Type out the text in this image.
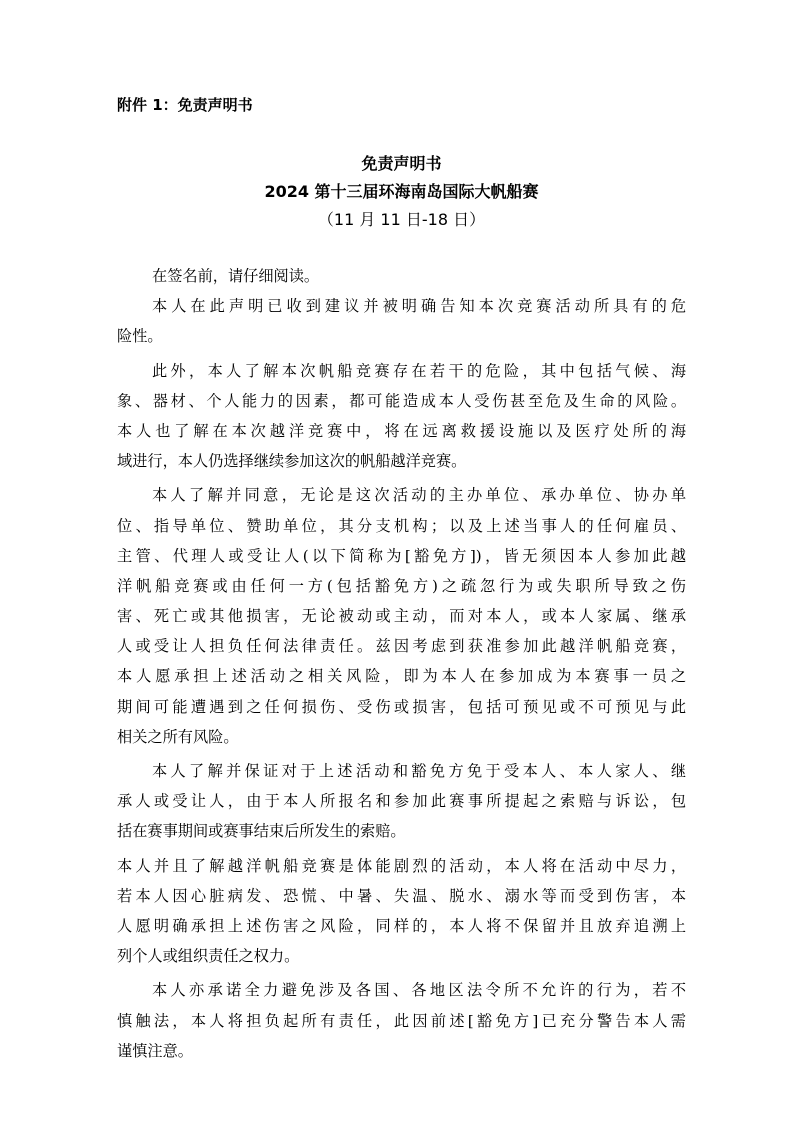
附件 1：免责声明书
免责声明书
2024 第十三届环海南岛国际大帆船赛
（11 月 11 日-18 日）
在签名前，请仔细阅读。
本人在此声明已收到建议并被明确告知本次竞赛活动所具有的危
险性。
此外，本人了解本次帆船竞赛存在若干的危险，其中包括气候、海
象、器材、个人能力的因素，都可能造成本人受伤甚至危及生命的风险。
本人也了解在本次越洋竞赛中，将在远离救援设施以及医疗处所的海
域进行，本人仍选择继续参加这次的帆船越洋竞赛。
本人了解并同意，无论是这次活动的主办单位、承办单位、协办单
位、指导单位、赞助单位，其分支机构；以及上述当事人的任何雇员、
主管、代理人或受让人(以下简称为[豁免方])，皆无须因本人参加此越
洋帆船竞赛或由任何一方(包括豁免方)之疏忽行为或失职所导致之伤
害、死亡或其他损害，无论被动或主动，而对本人，或本人家属、继承
人或受让人担负任何法律责任。兹因考虑到获准参加此越洋帆船竞赛，
本人愿承担上述活动之相关风险，即为本人在参加成为本赛事一员之
期间可能遭遇到之任何损伤、受伤或损害，包括可预见或不可预见与此
相关之所有风险。
本人了解并保证对于上述活动和豁免方免于受本人、本人家人、继
承人或受让人，由于本人所报名和参加此赛事所提起之索赔与诉讼，包
括在赛事期间或赛事结束后所发生的索赔。
本人并且了解越洋帆船竞赛是体能剧烈的活动，本人将在活动中尽力，
若本人因心脏病发、恐慌、中暑、失温、脱水、溺水等而受到伤害，本
人愿明确承担上述伤害之风险，同样的，本人将不保留并且放弃追溯上
列个人或组织责任之权力。
本人亦承诺全力避免涉及各国、各地区法令所不允许的行为，若不
慎触法，本人将担负起所有责任，此因前述[豁免方]已充分警告本人需
谨慎注意。
